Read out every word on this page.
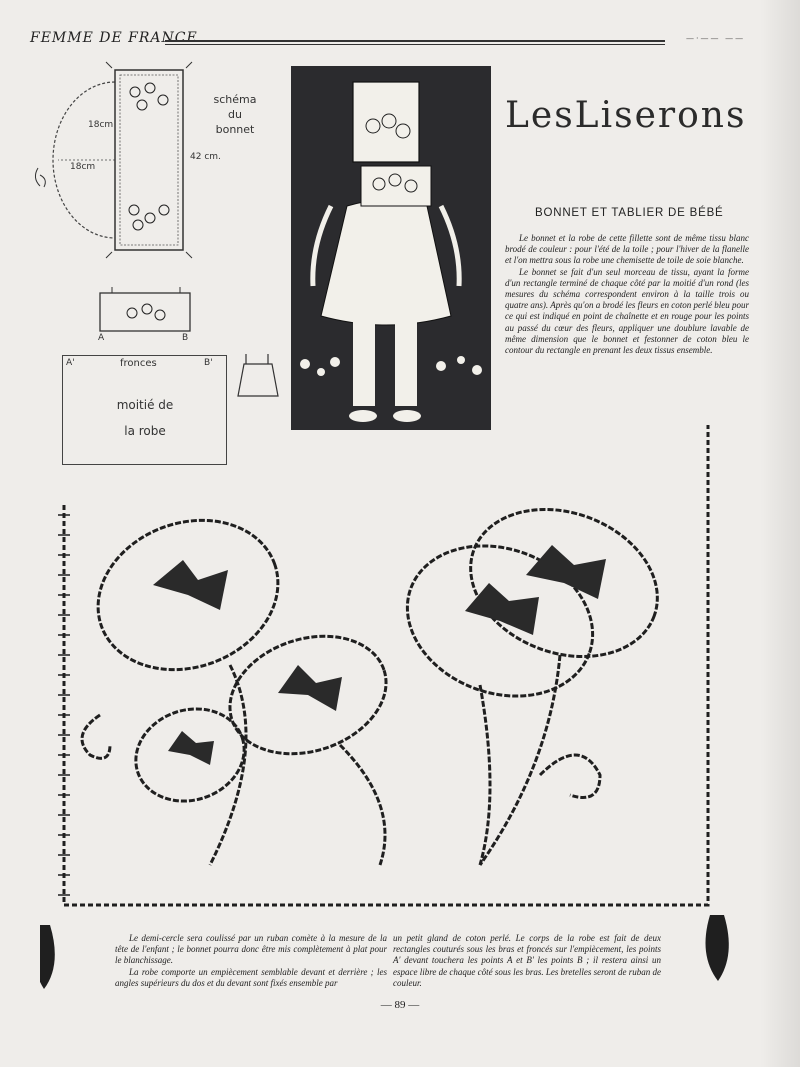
FEMME DE FRANCE	—·—— ——
schéma
du
bonnet
18cm
18cm
42 cm.
A	B
A'	B'
fronces
moitié de
la robe
LesLiserons
BONNET ET TABLIER DE BÉBÉ

Le bonnet et la robe de cette fillette sont de même tissu blanc brodé de couleur : pour l'été de la toile ; pour l'hiver de la flanelle et l'on mettra sous la robe une chemisette de toile de soie blanche.

Le bonnet se fait d'un seul morceau de tissu, ayant la forme d'un rectangle terminé de chaque côté par la moitié d'un rond (les mesures du schéma correspondent environ à la taille trois ou quatre ans). Après qu'on a brodé les fleurs en coton perlé bleu pour ce qui est indiqué en point de chaînette et en rouge pour les points au passé du cœur des fleurs, appliquer une doublure lavable de même dimension que le bonnet et festonner de coton bleu le contour du rectangle en prenant les deux tissus ensemble.

Le demi-cercle sera coulissé par un ruban comète à la mesure de la tête de l'enfant ; le bonnet pourra donc être mis complètement à plat pour le blanchissage.

La robe comporte un empiècement semblable devant et derrière ; les angles supérieurs du dos et du devant sont fixés ensemble par

un petit gland de coton perlé. Le corps de la robe est fait de deux rectangles couturés sous les bras et froncés sur l'empiècement, les points A' devant touchera les points A et B' les points B ; il restera ainsi un espace libre de chaque côté sous les bras. Les bretelles seront de ruban de couleur.

— 89 —
